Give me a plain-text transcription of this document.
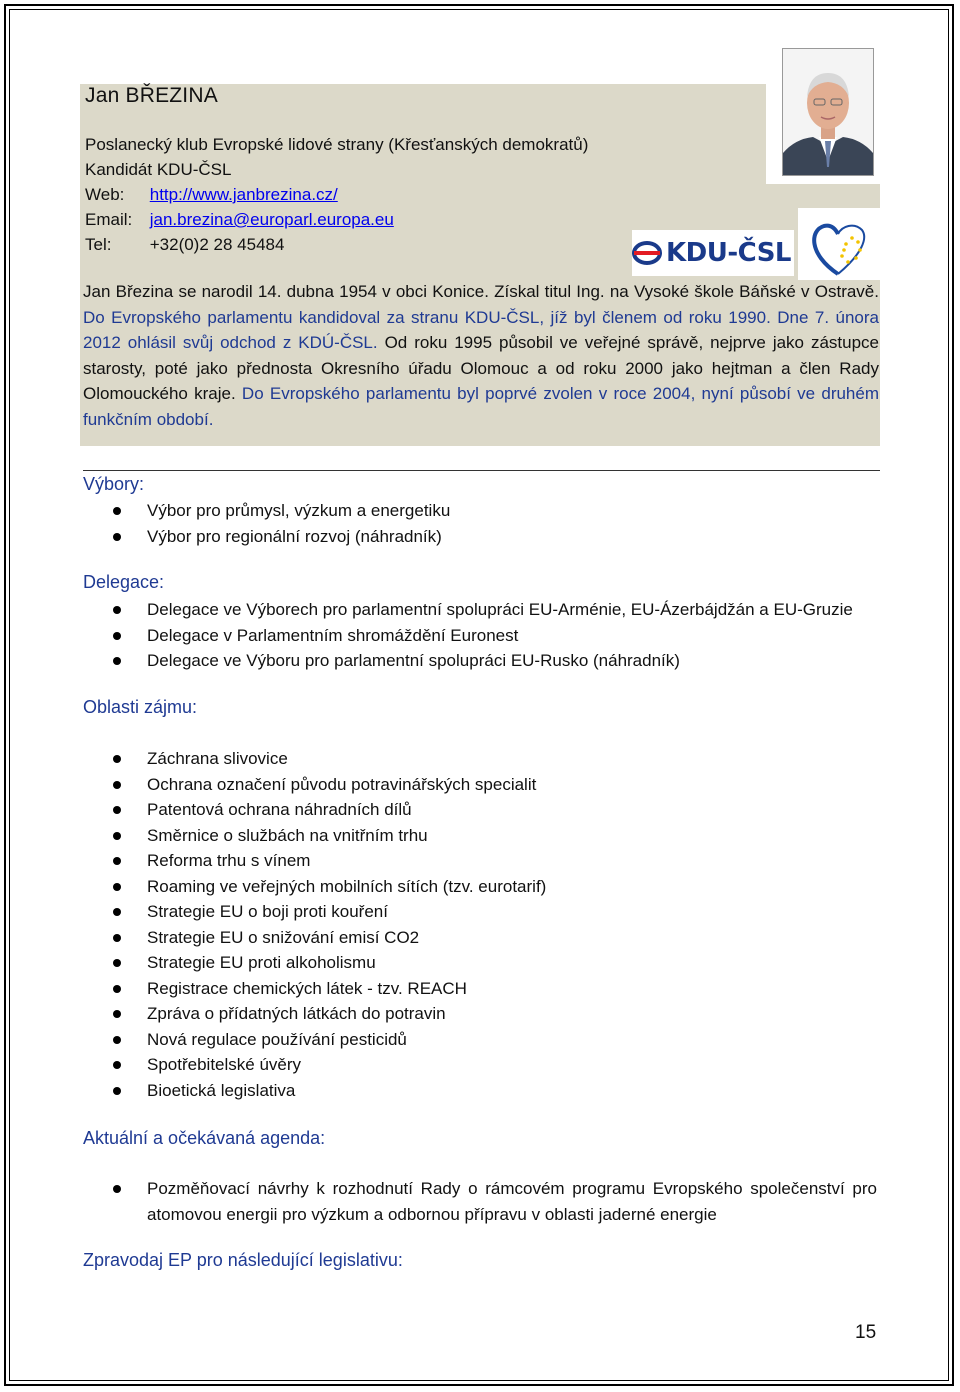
Jan BŘEZINA
Poslanecký klub Evropské lidové strany (Křesťanských demokratů)
Kandidát KDU-ČSL
Web: http://www.janbrezina.cz/
Email: jan.brezina@europarl.europa.eu
Tel: +32(0)2 28 45484	KDU-ČSL

Jan Březina se narodil 14. dubna 1954 v obci Konice. Získal titul Ing. na Vysoké škole Báňské v Ostravě. Do Evropského parlamentu kandidoval za stranu KDU-ČSL, jíž byl členem od roku 1990. Dne 7. února 2012 ohlásil svůj odchod z KDÚ-ČSL. Od roku 1995 působil ve veřejné správě, nejprve jako zástupce starosty, poté jako přednosta Okresního úřadu Olomouc a od roku 2000 jako hejtman a člen Rady Olomouckého kraje. Do Evropského parlamentu byl poprvé zvolen v roce 2004, nyní působí ve druhém funkčním období.

Výbory:
Výbor pro průmysl, výzkum a energetiku
Výbor pro regionální rozvoj (náhradník)
Delegace:
Delegace ve Výborech pro parlamentní spolupráci EU-Arménie, EU-Ázerbájdžán a EU-Gruzie
Delegace v Parlamentním shromáždění Euronest
Delegace ve Výboru pro parlamentní spolupráci EU-Rusko (náhradník)
Oblasti zájmu:
Záchrana slivovice
Ochrana označení původu potravinářských specialit
Patentová ochrana náhradních dílů
Směrnice o službách na vnitřním trhu
Reforma trhu s vínem
Roaming ve veřejných mobilních sítích (tzv. eurotarif)
Strategie EU o boji proti kouření
Strategie EU o snižování emisí CO2
Strategie EU proti alkoholismu
Registrace chemických látek - tzv. REACH
Zpráva o přídatných látkách do potravin
Nová regulace používání pesticidů
Spotřebitelské úvěry
Bioetická legislativa
Aktuální a očekávaná agenda:
Pozměňovací návrhy k rozhodnutí Rady o rámcovém programu Evropského společenství pro atomovou energii pro výzkum a odbornou přípravu v oblasti jaderné energie
Zpravodaj EP pro následující legislativu:
15
